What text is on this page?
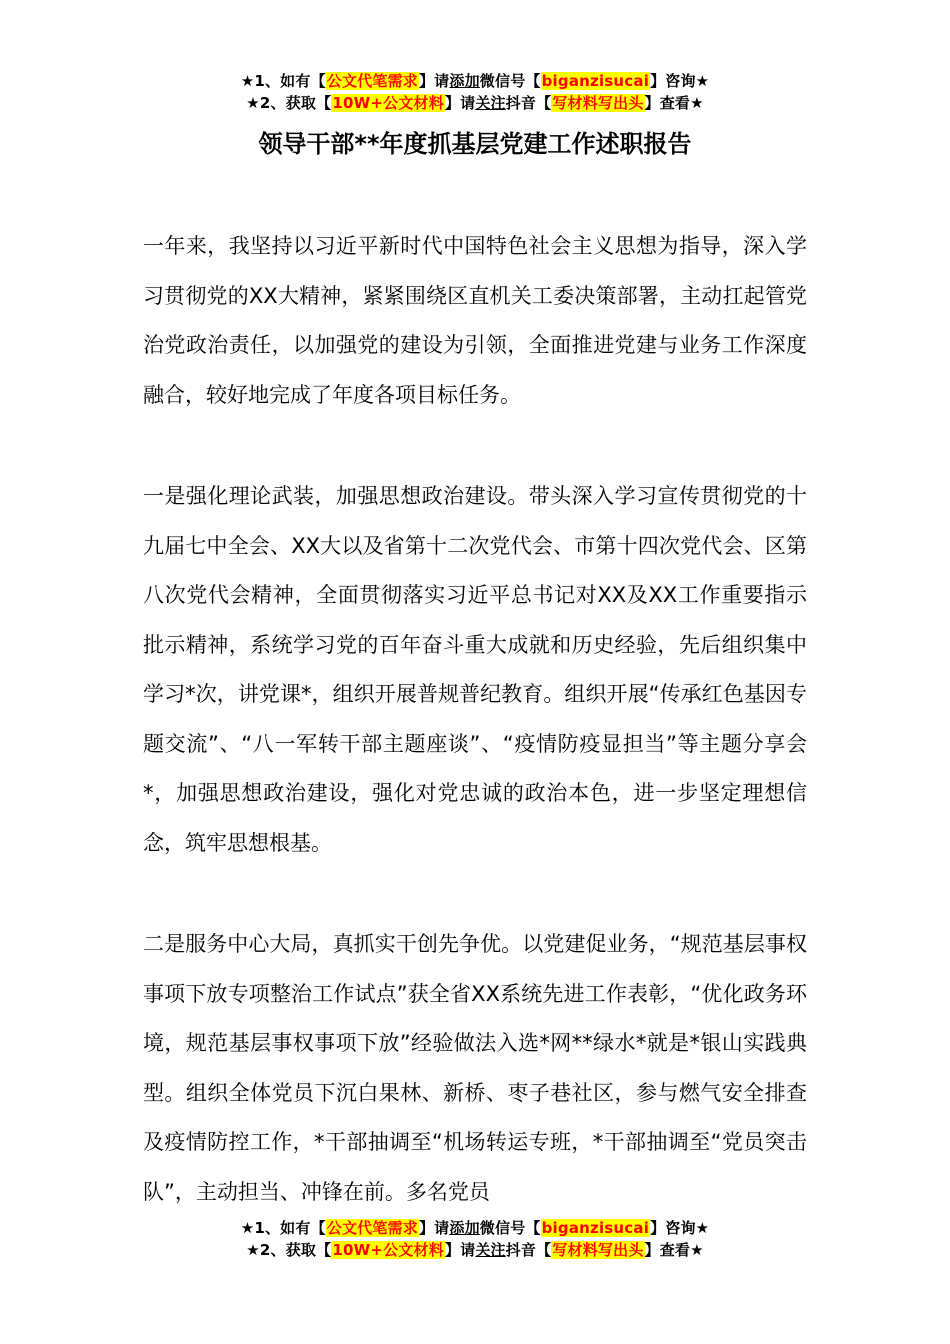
★1、如有【公文代笔需求】请添加微信号【biganzisucai】咨询★
★2、获取【10W+公文材料】请关注抖音【写材料写出头】查看★
领导干部**年度抓基层党建工作述职报告

一年来，我坚持以习近平新时代中国特色社会主义思想为指导，深入学习贯彻党的XX大精神，紧紧围绕区直机关工委决策部署，主动扛起管党治党政治责任，以加强党的建设为引领，全面推进党建与业务工作深度融合，较好地完成了年度各项目标任务。

一是强化理论武装，加强思想政治建设。带头深入学习宣传贯彻党的十九届七中全会、XX大以及省第十二次党代会、市第十四次党代会、区第八次党代会精神，全面贯彻落实习近平总书记对XX及XX工作重要指示批示精神，系统学习党的百年奋斗重大成就和历史经验，先后组织集中学习*次，讲党课*，组织开展普规普纪教育。组织开展“传承红色基因专题交流”、“八一军转干部主题座谈”、“疫情防疫显担当”等主题分享会*，加强思想政治建设，强化对党忠诚的政治本色，进一步坚定理想信念，筑牢思想根基。

二是服务中心大局，真抓实干创先争优。以党建促业务，“规范基层事权事项下放专项整治工作试点”获全省XX系统先进工作表彰，“优化政务环境，规范基层事权事项下放”经验做法入选*网**绿水*就是*银山实践典型。组织全体党员下沉白果林、新桥、枣子巷社区，参与燃气安全排查及疫情防控工作，*干部抽调至“机场转运专班，*干部抽调至“党员突击队”，主动担当、冲锋在前。多名党员

★1、如有【公文代笔需求】请添加微信号【biganzisucai】咨询★
★2、获取【10W+公文材料】请关注抖音【写材料写出头】查看★
